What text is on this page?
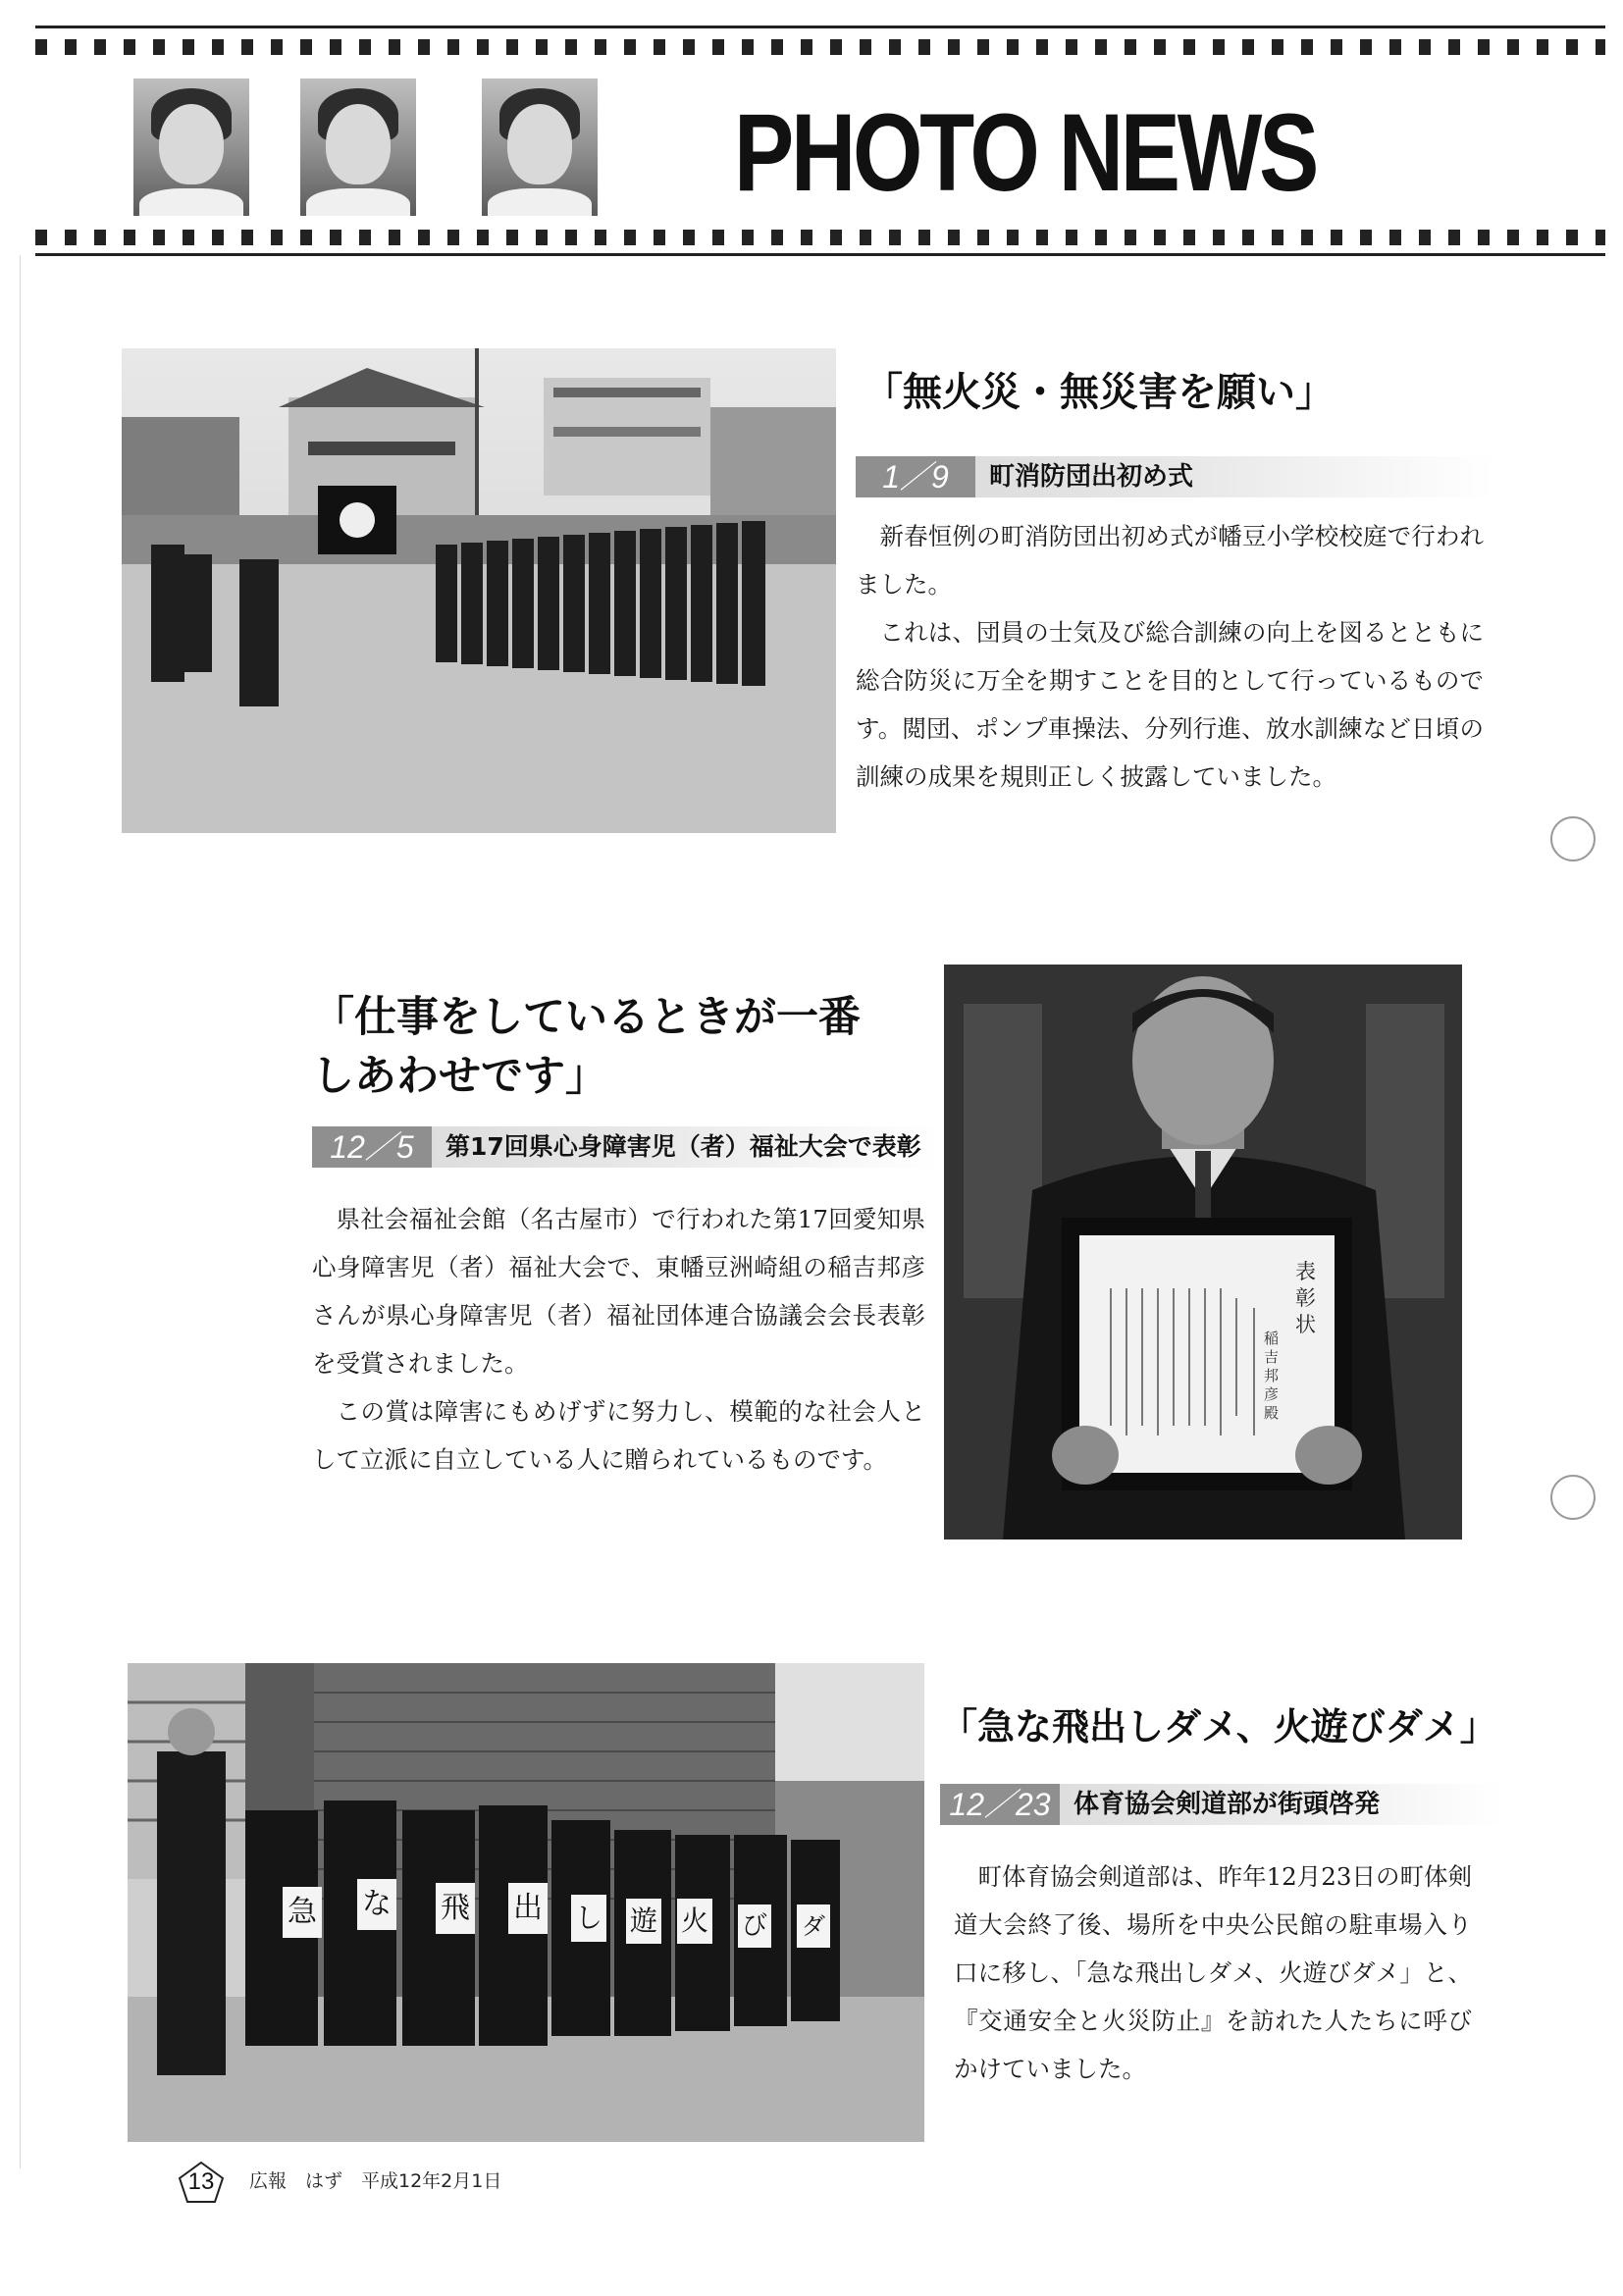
PHOTO NEWS
「無火災・無災害を願い」
1／9	町消防団出初め式

新春恒例の町消防団出初め式が幡豆小学校校庭で行われました。

これは、団員の士気及び総合訓練の向上を図るとともに総合防災に万全を期すことを目的として行っているものです。閲団、ポンプ車操法、分列行進、放水訓練など日頃の訓練の成果を規則正しく披露していました。

「仕事をしているときが一番
しあわせです」
12／5	第17回県心身障害児（者）福祉大会で表彰

県社会福祉会館（名古屋市）で行われた第17回愛知県心身障害児（者）福祉大会で、東幡豆洲崎組の稲吉邦彦さんが県心身障害児（者）福祉団体連合協議会会長表彰を受賞されました。

この賞は障害にもめげずに努力し、模範的な社会人として立派に自立している人に贈られているものです。

表彰状
稲吉邦彦殿
急 な 飛 出 し	火
遊	び ダ
「急な飛出しダメ、火遊びダメ」
12／23 体育協会剣道部が街頭啓発

町体育協会剣道部は、昨年12月23日の町体剣道大会終了後、場所を中央公民館の駐車場入り口に移し、「急な飛出しダメ、火遊びダメ」と、『交通安全と火災防止』を訪れた人たちに呼びかけていました。

13	広報　はず　平成12年2月1日
